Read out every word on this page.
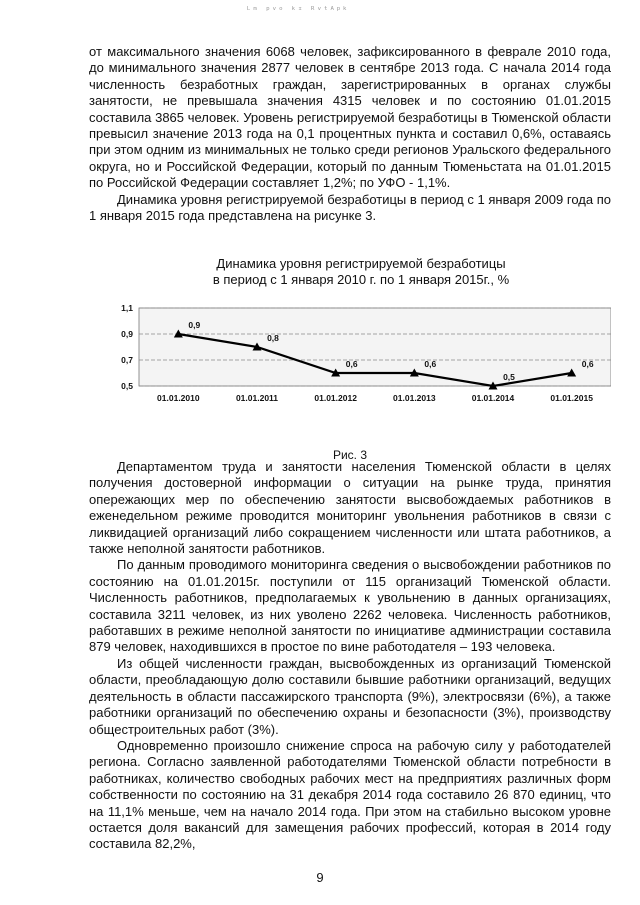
ᴸᵐ ᵖᵛᵒ ᵏᶦ ᴿᵛᵗᴬᵖᵏ

от максимального значения 6068 человек, зафиксированного в феврале 2010 года, до минимального значения 2877 человек в сентябре 2013 года. С начала 2014 года численность безработных граждан, зарегистрированных в органах службы занятости, не превышала значения 4315 человек и по состоянию 01.01.2015 составила 3865 человек. Уровень регистрируемой безработицы в Тюменской области превысил значение 2013 года на 0,1 процентных пункта и составил 0,6%, оставаясь при этом одним из минимальных не только среди регионов Уральского федерального округа, но и Российской Федерации, который по данным Тюменьстата на 01.01.2015 по Российской Федерации составляет 1,2%; по УФО - 1,1%.

Динамика уровня регистрируемой безработицы в период с 1 января 2009 года по 1 января 2015 года представлена на рисунке 3.

Динамика уровня регистрируемой безработицы
в период с 1 января 2010 г. по 1 января 2015г., %
1,1
0,9
0,7
0,5
0,9
01.01.2010
0,8
01.01.2011
0,6
01.01.2012
0,6
01.01.2013
0,5
01.01.2014
0,6
01.01.2015
Рис. 3

Департаментом труда и занятости населения Тюменской области в целях получения достоверной информации о ситуации на рынке труда, принятия опережающих мер по обеспечению занятости высвобождаемых работников в еженедельном режиме проводится мониторинг увольнения работников в связи с ликвидацией организаций либо сокращением численности или штата работников, а также неполной занятости работников.

По данным проводимого мониторинга сведения о высвобождении работников по состоянию на 01.01.2015г. поступили от 115 организаций Тюменской области. Численность работников, предполагаемых к увольнению в данных организациях, составила 3211 человек, из них уволено 2262 человека. Численность работников, работавших в режиме неполной занятости по инициативе администрации составила 879 человек, находившихся в простое по вине работодателя – 193 человека.

Из общей численности граждан, высвобожденных из организаций Тюменской области, преобладающую долю составили бывшие работники организаций, ведущих деятельность в области пассажирского транспорта (9%), электросвязи (6%), а также работники организаций по обеспечению охраны и безопасности (3%), производству общестроительных работ (3%).

Одновременно произошло снижение спроса на рабочую силу у работодателей региона. Согласно заявленной работодателями Тюменской области потребности в работниках, количество свободных рабочих мест на предприятиях различных форм собственности по состоянию на 31 декабря 2014 года составило 26 870 единиц, что на 11,1% меньше, чем на начало 2014 года. При этом на стабильно высоком уровне остается доля вакансий для замещения рабочих профессий, которая в 2014 году составила 82,2%,

9
